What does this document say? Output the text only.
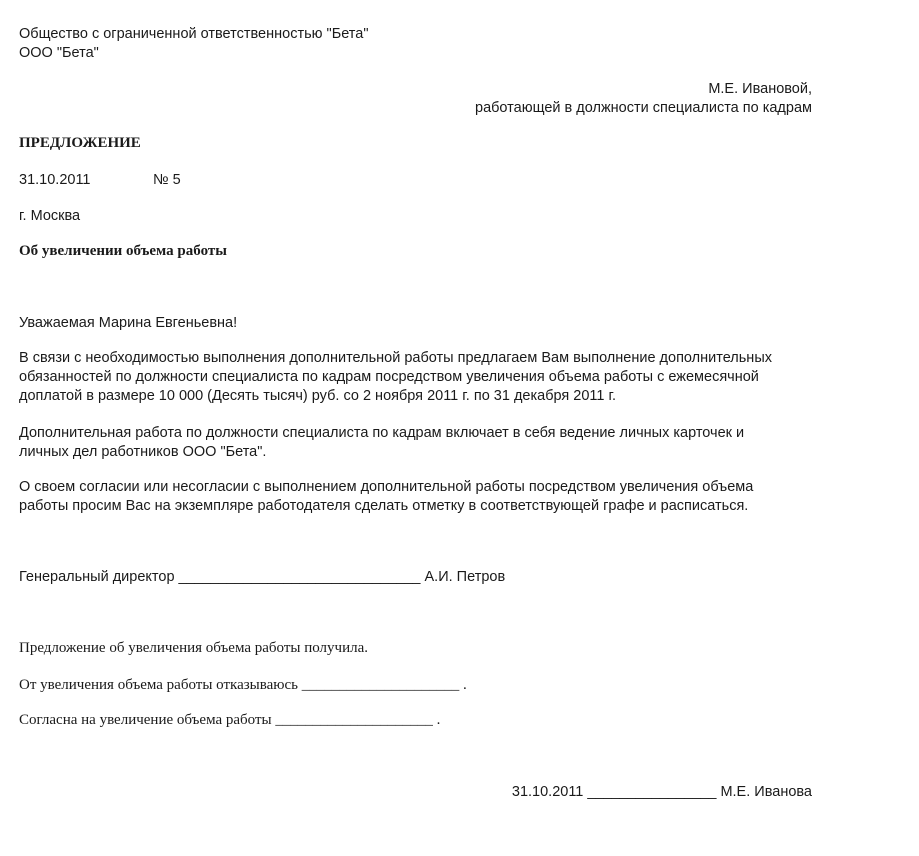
Общество с ограниченной ответственностью "Бета"
ООО "Бета"
М.Е. Ивановой,
работающей в должности специалиста по кадрам
ПРЕДЛОЖЕНИЕ
31.10.2011	№ 5
г. Москва
Об увеличении объема работы
Уважаемая Марина Евгеньевна!
В связи с необходимостью выполнения дополнительной работы предлагаем Вам выполнение дополнительных
обязанностей по должности специалиста по кадрам посредством увеличения объема работы с ежемесячной
доплатой в размере 10 000 (Десять тысяч) руб. со 2 ноября 2011 г. по 31 декабря 2011 г.
Дополнительная работа по должности специалиста по кадрам включает в себя ведение личных карточек и
личных дел работников ООО "Бета".
О своем согласии или несогласии с выполнением дополнительной работы посредством увеличения объема
работы просим Вас на экземпляре работодателя сделать отметку в соответствующей графе и расписаться.
Генеральный директор ______________________________ А.И. Петров
Предложение об увеличения объема работы получила.
От увеличения объема работы отказываюсь _____________________ .
Согласна на увеличение объема работы _____________________ .
31.10.2011 ________________ М.Е. Иванова
